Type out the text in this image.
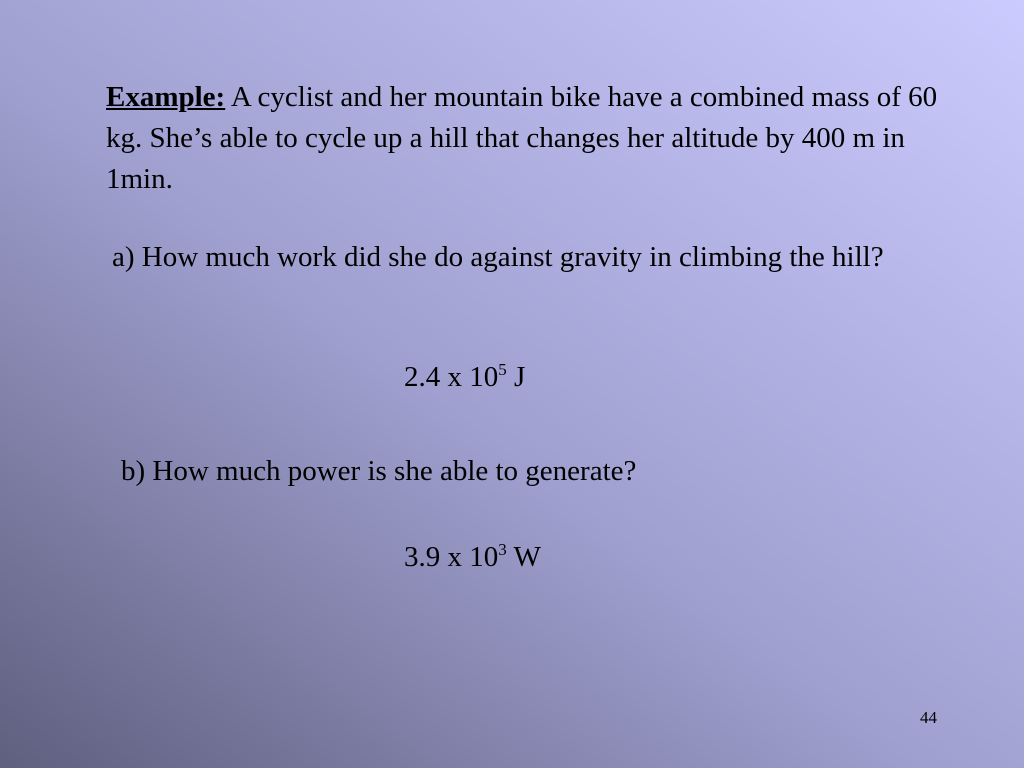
Example: A cyclist and her mountain bike have a combined mass of 60 kg. She’s able to cycle up a hill that changes her altitude by 400 m in 1min.

a) How much work did she do against gravity in climbing the hill?

2.4 x $10^5$ J

b) How much power is she able to generate?

3.9 x $10^3$ W

44
